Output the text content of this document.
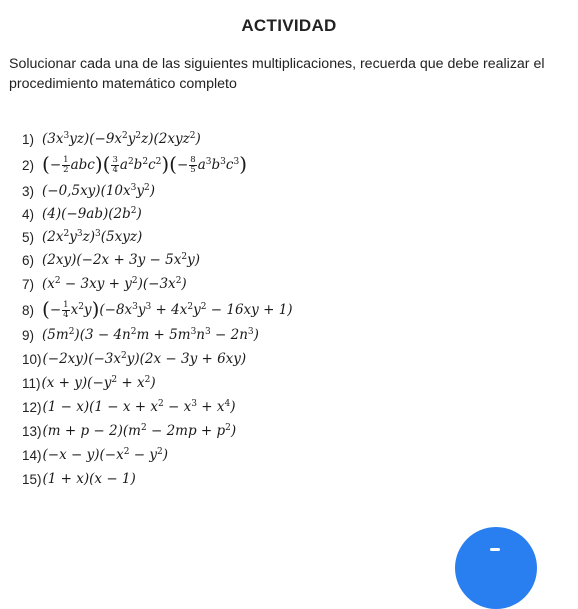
ACTIVIDAD
Solucionar cada una de las siguientes multiplicaciones, recuerda que debe realizar el procedimiento matemático completo
1) $(3x^3yz)(-9x^2y^2z)(2xyz^2)$
2) (− $\frac{1}{2} abc)( \frac{3}{4} a^2b^2c^2)(- \frac{8}{5} a^3b^3c^3)$
3) $(-0,5xy)(10x^3y^2)$
4) $(4)(-9ab)(2b^2)$
5) $(2x^2y^3z)^3(5xyz)$
6) $(2xy)(-2x + 3y - 5x^2y)$
7) $(x^2 - 3xy + y^2)(-3x^2)$
8) (− $\frac{1}{4} x^2y)(-8x^3y^3 + 4x^2y^2 - 16xy + 1)$
9) $(5m^2)(3 - 4n^2m + 5m^3n^3 - 2n^3)$
10) $(-2xy)(-3x^2y)(2x - 3y + 6xy)$
11) $(x + y)(-y^2 + x^2)$
12) $(1 - x)(1 - x + x^2 - x^3 + x^4)$
13) $(m + p - 2)(m^2 - 2mp + p^2)$
14) $(-x - y)(-x^2 - y^2)$
15) (1 + x)(x − 1)
